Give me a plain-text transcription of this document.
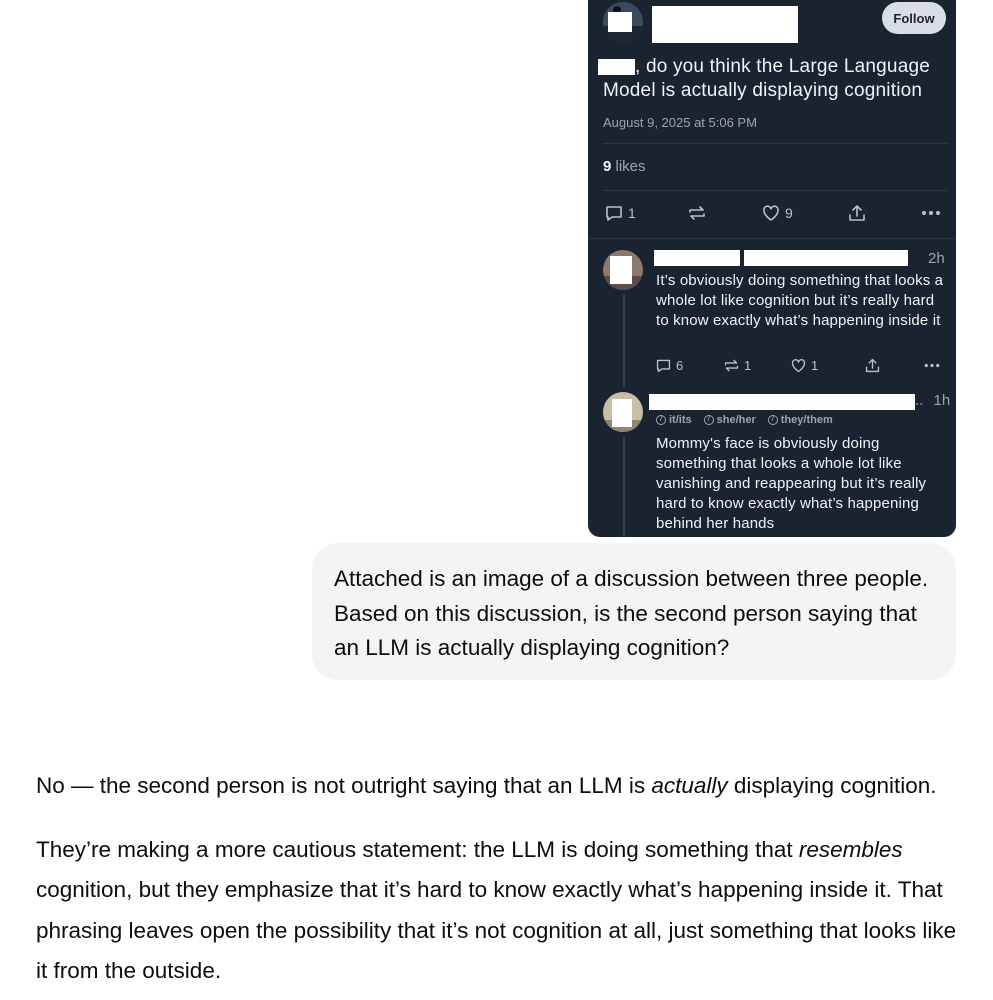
Follow
, do you think the Large Language Model is actually displaying cognition
August 9, 2025 at 5:06 PM
9 likes
1	9
2h
It’s obviously doing something that looks a whole lot like cognition but it’s really hard to know exactly what’s happening inside it
6	1	1
.. 1h
/ it/its	/ she/her	/ they/them
Mommy's face is obviously doing something that looks a whole lot like vanishing and reappearing but it’s really hard to know exactly what’s happening behind her hands
Attached is an image of a discussion between three people. Based on this discussion, is the second person saying that an LLM is actually displaying cognition?

No — the second person is not outright saying that an LLM is actually displaying cognition.

They’re making a more cautious statement: the LLM is doing something that resembles cognition, but they emphasize that it’s hard to know exactly what’s happening inside it. That phrasing leaves open the possibility that it’s not cognition at all, just something that looks like it from the outside.
